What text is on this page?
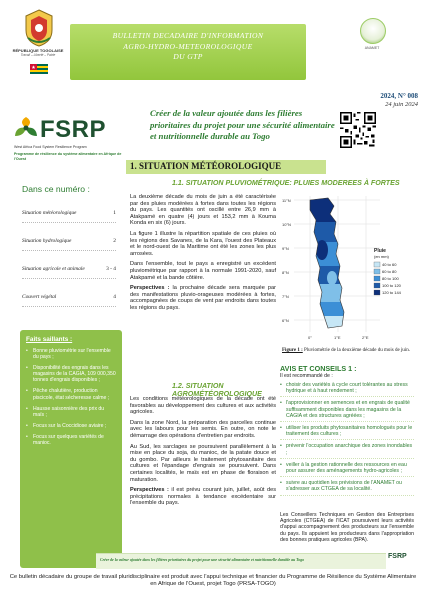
RÉPUBLIQUE TOGOLAISE
Travail – Liberté – Patrie
BULLETIN DECADAIRE D'INFORMATION
AGRO-HYDRO-METEOROLOGIQUE
DU GTP
ANAMET
2024, N° 008
24 juin 2024
FSRP
West Africa Food System Resilience Program
Programme de résilience du système alimentaire en Afrique de l'Ouest
Créer de la valeur ajoutée dans les filières prioritaires du projet pour une sécurité alimentaire et nutritionnelle durable au Togo
1. SITUATION MÉTÉOROLOGIQUE
Dans ce numéro :
Situation météorologique	1
Situation hydrologique	2
Situation agricole et animale	3 - 4
Couvert végétal	4
Faits saillants :
• Bonne pluviométrie sur l'ensemble du pays ;
• Disponibilité des engrais dans les magasins de la CAGIA, 109 000,350 tonnes d'engrais disponibles ;
• Pêche chalutière, production piscicole, état sécheresse calme ;
• Hausse saisonnière des prix du maïs ;
• Focus sur la Coccidiose aviaire ;
• Focus sur quelques variétés de manioc.
1.1. SITUATION PLUVIOMÉTRIQUE: PLUIES MODEREES À FORTES

La deuxième décade du mois de juin a été caractérisée par des pluies modérées à fortes dans toutes les régions du pays. Les quantités ont oscillé entre 26,9 mm à Atakpamé en quatre (4) jours et 153,2 mm à Kouma Konda en six (6) jours.

La figure 1 illustre la répartition spatiale de ces pluies où les régions des Savanes, de la Kara, l'ouest des Plateaux et le nord-ouest de la Maritime ont été les zones les plus arrosées.

Dans l'ensemble, tout le pays a enregistré un excédent pluviométrique par rapport à la normale 1991-2020, sauf Atakpamé et la bande côtière.

Perspectives : la prochaine décade sera marquée par des manifestations pluvio-orageuses modérées à fortes, accompagnées de coups de vent par endroits dans toutes les régions du pays.

1.2. SITUATION AGROMÉTÉOROLOGIQUE

Les conditions météorologiques de la décade ont été favorables au développement des cultures et aux activités agricoles.

Dans la zone Nord, la préparation des parcelles continue avec les labours pour les semis. En outre, on note le démarrage des opérations d'entretien par endroits.

Au Sud, les sarclages se poursuivent parallèlement à la mise en place du soja, du manioc, de la patate douce et du gombo. Par ailleurs le traitement phytosanitaire des cultures et l'épandage d'engrais se poursuivent. Dans certaines localités, le maïs est en phase de floraison et maturation.

Perspectives : il est prévu courant juin, juillet, août des précipitations normales à tendance excédentaire sur l'ensemble du pays.

11°N
10°N
9°N
8°N
7°N
6°N
0°	1°E	2°E
Pluie
(en mm)
40 to 60
60 to 80
80 to 100
100 to 120
120 to 144
Figure 1 : Pluviométrie de la deuxième décade du mois de juin.
AVIS ET CONSEILS 1 :
Il est recommandé de :
• choisir des variétés à cycle court tolérantes au stress hydrique et à haut rendement ;
• l'approvisionner en semences et en engrais de qualité suffisamment disponibles dans les magasins de la CAGIA et des structures agréées ;
• utiliser les produits phytosanitaires homologués pour le traitement des cultures ;
• prévenir l'occupation anarchique des zones inondables ;
• veiller à la gestion rationnelle des ressources en eau pour assurer des aménagements hydro-agricoles ;
• suivre au quotidien les prévisions de l'ANAMET ou s'adresser aux CTGEA de sa localité.
Les Conseillers Techniques en Gestion des Entreprises Agricoles (CTGEA) de l'ICAT poursuivent leurs activités d'appui accompagnement des producteurs sur l'ensemble du pays. Ils appuient les producteurs dans l'appropriation des bonnes pratiques agricoles (BPA).
Créer de la valeur ajoutée dans les filières prioritaires du projet pour une sécurité alimentaire et nutritionnelle durable au Togo	FSRP
Ce bulletin décadaire du groupe de travail pluridisciplinaire est produit avec l'appui technique et financier du Programme de Résilience du Système Alimentaire en Afrique de l'Ouest, projet Togo (PRSA-TOGO)
